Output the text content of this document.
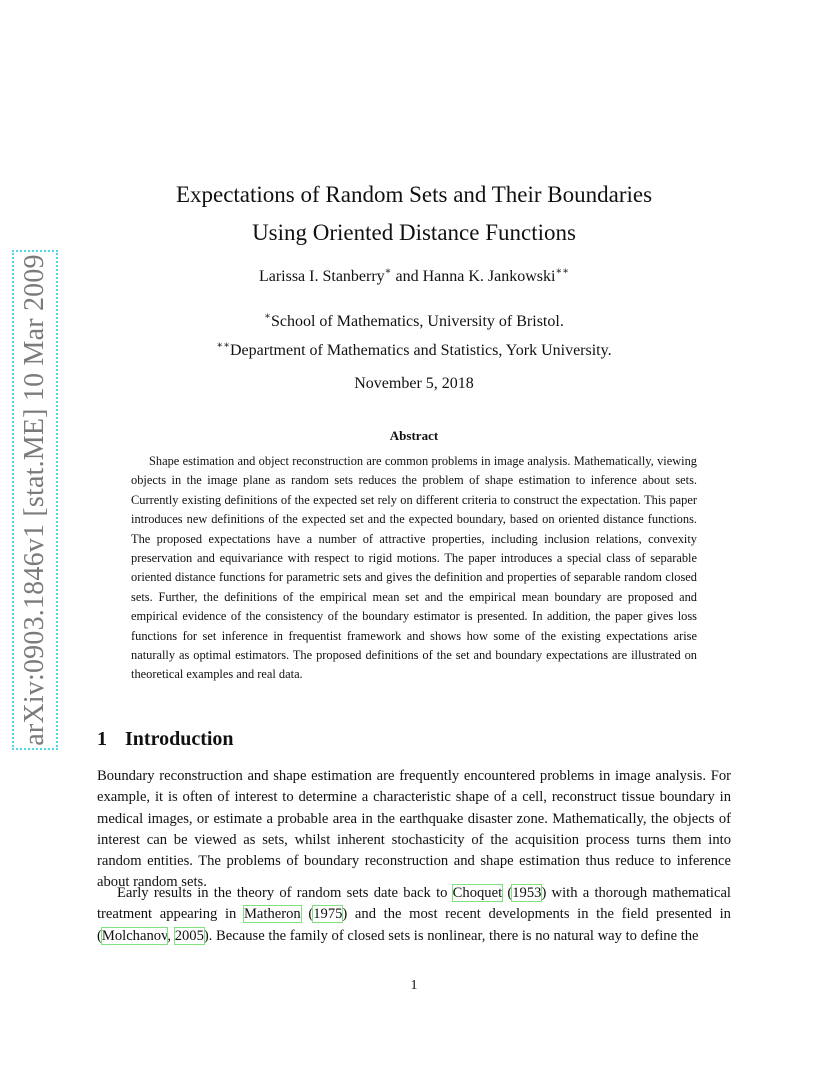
arXiv:0903.1846v1 [stat.ME] 10 Mar 2009
Expectations of Random Sets and Their Boundaries
Using Oriented Distance Functions
Larissa I. Stanberry∗ and Hanna K. Jankowski∗∗
∗School of Mathematics, University of Bristol.
∗∗Department of Mathematics and Statistics, York University.
November 5, 2018
Abstract

Shape estimation and object reconstruction are common problems in image analysis. Mathematically, viewing objects in the image plane as random sets reduces the problem of shape estimation to inference about sets. Currently existing definitions of the expected set rely on different criteria to construct the expectation. This paper introduces new definitions of the expected set and the expected boundary, based on oriented distance functions. The proposed expectations have a number of attractive properties, including inclusion relations, convexity preservation and equivariance with respect to rigid motions. The paper introduces a special class of separable oriented distance functions for parametric sets and gives the definition and properties of separable random closed sets. Further, the definitions of the empirical mean set and the empirical mean boundary are proposed and empirical evidence of the consistency of the boundary estimator is presented. In addition, the paper gives loss functions for set inference in frequentist framework and shows how some of the existing expectations arise naturally as optimal estimators. The proposed definitions of the set and boundary expectations are illustrated on theoretical examples and real data.

1 Introduction

Boundary reconstruction and shape estimation are frequently encountered problems in image analysis. For example, it is often of interest to determine a characteristic shape of a cell, reconstruct tissue boundary in medical images, or estimate a probable area in the earthquake disaster zone. Mathematically, the objects of interest can be viewed as sets, whilst inherent stochasticity of the acquisition process turns them into random entities. The problems of boundary reconstruction and shape estimation thus reduce to inference about random sets.

Early results in the theory of random sets date back to Choquet (1953) with a thorough mathematical treatment appearing in Matheron (1975) and the most recent developments in the field presented in (Molchanov, 2005). Because the family of closed sets is nonlinear, there is no natural way to define the

1
